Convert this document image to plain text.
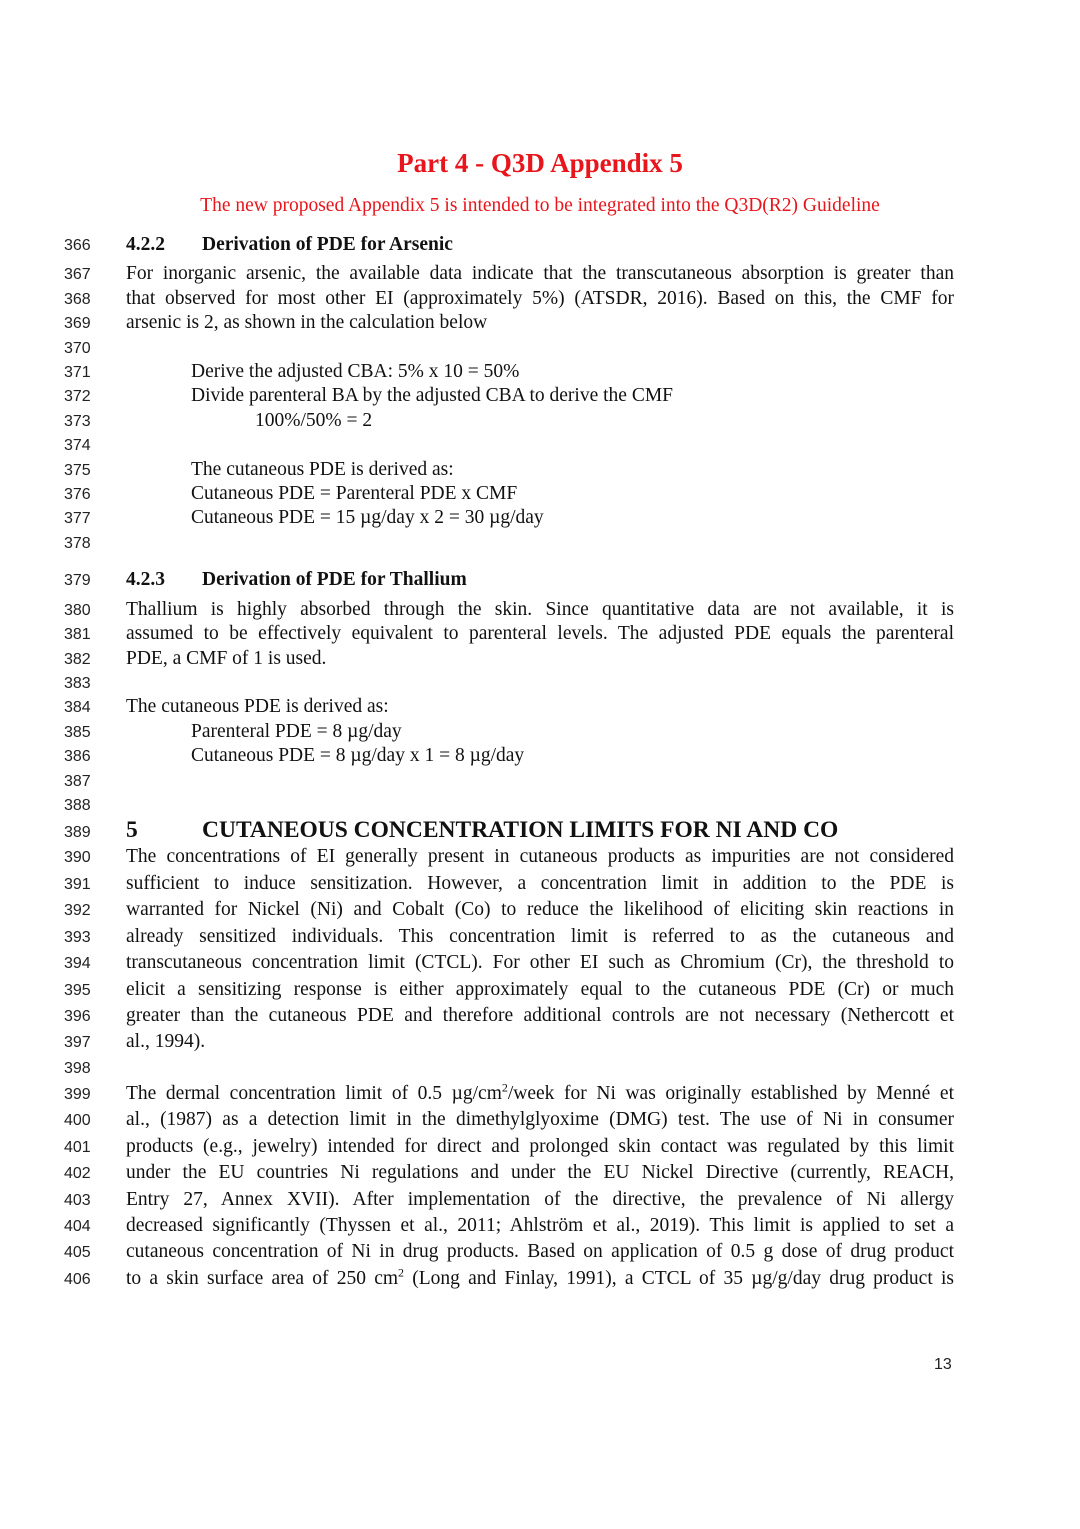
Part 4 - Q3D Appendix 5
The new proposed Appendix 5 is intended to be integrated into the Q3D(R2) Guideline
366
367
368
369
370
371
372
373
374
375
376
377
378
379
380
381
382
383
384
385
386
387
388
389
390
391
392
393
394
395
396
397
398
399
400
401
402
403
404
405
406
4.2.2 Derivation of PDE for Arsenic
For inorganic arsenic, the available data indicate that the transcutaneous absorption is greater than
that observed for most other EI (approximately 5%) (ATSDR, 2016). Based on this, the CMF for
arsenic is 2, as shown in the calculation below
Derive the adjusted CBA: 5% x 10 = 50%
Divide parenteral BA by the adjusted CBA to derive the CMF
100%/50% = 2
The cutaneous PDE is derived as:
Cutaneous PDE = Parenteral PDE x CMF
Cutaneous PDE = 15 µg/day x 2 = 30 µg/day
4.2.3 Derivation of PDE for Thallium
Thallium is highly absorbed through the skin. Since quantitative data are not available, it is
assumed to be effectively equivalent to parenteral levels. The adjusted PDE equals the parenteral
PDE, a CMF of 1 is used.
The cutaneous PDE is derived as:
Parenteral PDE = 8 µg/day
Cutaneous PDE = 8 µg/day x 1 = 8 µg/day
5	CUTANEOUS CONCENTRATION LIMITS FOR NI AND CO
The concentrations of EI generally present in cutaneous products as impurities are not considered
sufficient to induce sensitization. However, a concentration limit in addition to the PDE is
warranted for Nickel (Ni) and Cobalt (Co) to reduce the likelihood of eliciting skin reactions in
already sensitized individuals. This concentration limit is referred to as the cutaneous and
transcutaneous concentration limit (CTCL). For other EI such as Chromium (Cr), the threshold to
elicit a sensitizing response is either approximately equal to the cutaneous PDE (Cr) or much
greater than the cutaneous PDE and therefore additional controls are not necessary (Nethercott et
al., 1994).
The dermal concentration limit of 0.5 $\mu g/cm^2$/week for Ni was originally established by Menné et
al., (1987) as a detection limit in the dimethylglyoxime (DMG) test. The use of Ni in consumer
products (e.g., jewelry) intended for direct and prolonged skin contact was regulated by this limit
under the EU countries Ni regulations and under the EU Nickel Directive (currently, REACH,
Entry 27, Annex XVII). After implementation of the directive, the prevalence of Ni allergy
decreased significantly (Thyssen et al., 2011; Ahlström et al., 2019). This limit is applied to set a
cutaneous concentration of Ni in drug products. Based on application of 0.5 g dose of drug product
to a skin surface area of 250 $cm^2$ (Long and Finlay, 1991), a CTCL of 35 µg/g/day drug product is
13
